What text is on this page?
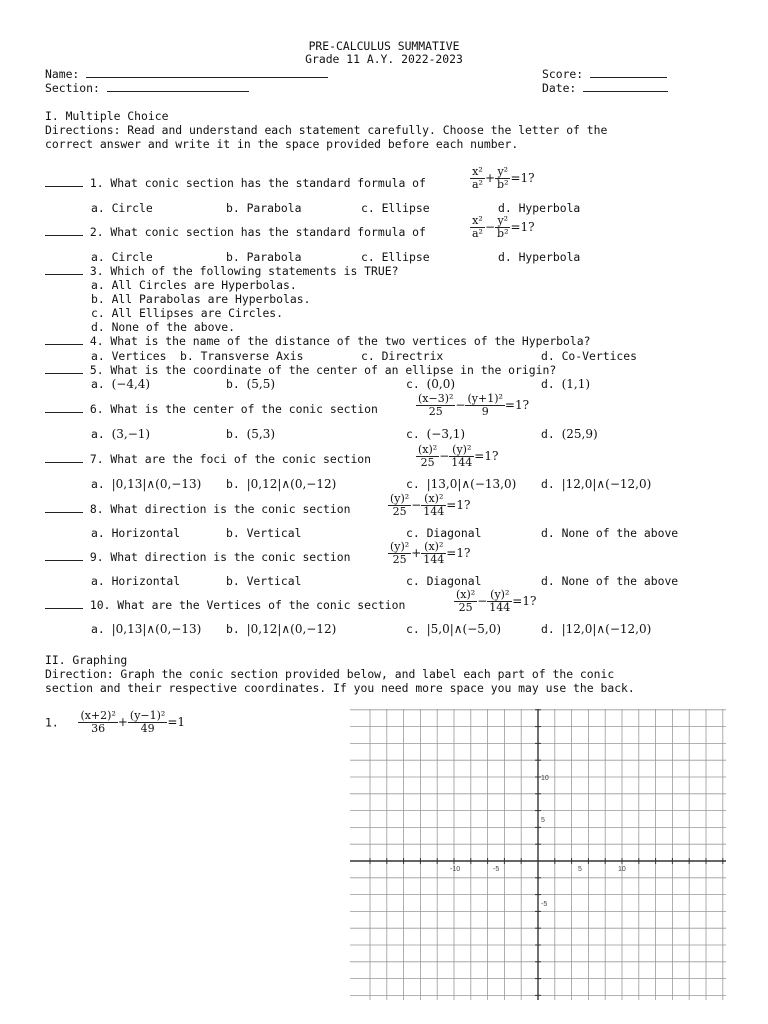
PRE-CALCULUS SUMMATIVE
Grade 11 A.Y. 2022-2023
Name:
Section:
Score:
Date:
I. Multiple Choice
Directions: Read and understand each statement carefully. Choose the letter of the
correct answer and write it in the space provided before each number.
1. What conic section has the standard formula of	$\frac{\text{x²}}{\text{a²}} + \frac{\text{y²}}{\text{b²}} =1$?
a. Circle	b. Parabola	c. Ellipse	d. Hyperbola
2. What conic section has the standard formula of	$\frac{\text{x²}}{\text{a²}} - \frac{\text{y²}}{\text{b²}} =1$?
a. Circle	b. Parabola	c. Ellipse	d. Hyperbola
3. Which of the following statements is TRUE?
a. All Circles are Hyperbolas.
b. All Parabolas are Hyperbolas.
c. All Ellipses are Circles.
d. None of the above.
4. What is the name of the distance of the two vertices of the Hyperbola?
a. Vertices b. Transverse Axis	c. Directrix	d. Co-Vertices
5. What is the coordinate of the center of an ellipse in the origin?
a. (−4,4)	b. (5,5)	c. (0,0)	d. (1,1)
6. What is the center of the conic section	$\frac{\text{(x−3)²}}{25} - \frac{\text{(y+1)²}}{9} =1$?
a. (3,−1)	b. (5,3)	c. (−3,1)	d. (25,9)
7. What are the foci of the conic section	$\frac{\text{(x)²}}{25} - \frac{\text{(y)²}}{144} =1$?
a. |0,13|∧(0,−13) b. |0,12|∧(0,−12)	c. |13,0|∧(−13,0) d. |12,0|∧(−12,0)
8. What direction is the conic section	$\frac{\text{(y)²}}{25} - \frac{\text{(x)²}}{144} =1$?
a. Horizontal	b. Vertical	c. Diagonal	d. None of the above
9. What direction is the conic section	$\frac{\text{(y)²}}{25} + \frac{\text{(x)²}}{144} =1$?
a. Horizontal	b. Vertical	c. Diagonal	d. None of the above
10. What are the Vertices of the conic section	$\frac{\text{(x)²}}{25} - \frac{\text{(y)²}}{144} =1$?
a. |0,13|∧(0,−13) b. |0,12|∧(0,−12)	c. |5,0|∧(−5,0)	d. |12,0|∧(−12,0)
II. Graphing
Direction: Graph the conic section provided below, and label each part of the conic
section and their respective coordinates. If you need more space you may use the back.
1. $\frac{\text{(x+2)²}}{36} + \frac{\text{(y−1)²}}{49} =1$
-10	-5	5	10
10
5
-5
